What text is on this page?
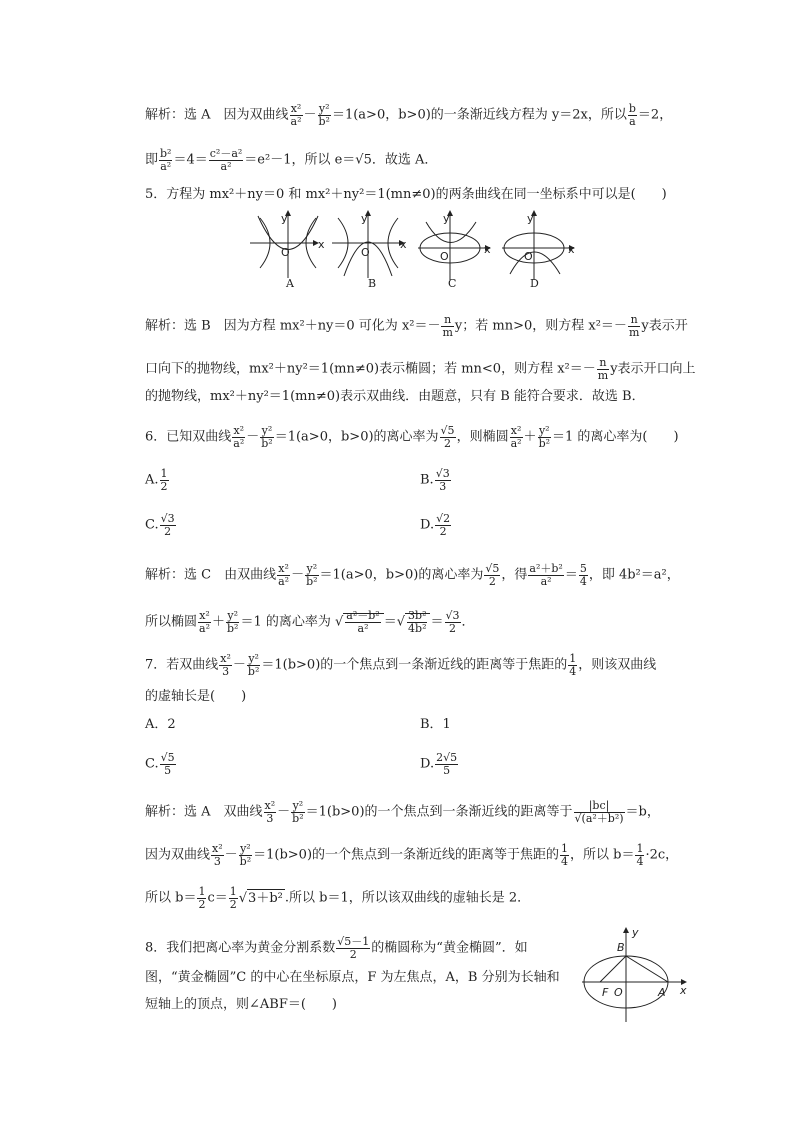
解析：选 A　因为双曲线 $\frac{\text{x²}}{\text{a²}} - \frac{\text{y²}}{\text{b²}} =1(a>0$，b>0)的一条渐近线方程为 y＝2x，所以 $\frac{b}{a} =2$，
即 $\frac{\text{b²}}{\text{a²}} =4= \frac{\text{c²－a²}}{\text{a²}} =e^2-1$，所以 e＝√5．故选 A．
5．方程为 mx²＋ny＝0 和 mx²＋ny²＝1(mn≠0)的两条曲线在同一坐标系中可以是(　　)
y
O
x
y
O
x
y
O
x
y
O
x
A	B	C	D
解析：选 B　因为方程 mx²＋ny＝0 可化为 $x^2=- \frac{n}{m}$ y；若 mn>0，则方程 $x^2=- \frac{n}{m}$ y表示开
口向下的抛物线，mx²＋ny²＝1(mn≠0)表示椭圆；若 mn<0，则方程 $x^2=- \frac{n}{m}$ y表示开口向上
的抛物线，mx²＋ny²＝1(mn≠0)表示双曲线．由题意，只有 B 能符合要求．故选 B．
6．已知双曲线 $\frac{\text{x²}}{\text{a²}} - \frac{\text{y²}}{\text{b²}} =1(a>0$，b>0)的离心率为 $\frac{√5}{2}$ ，则椭圆 $\frac{\text{x²}}{\text{a²}} + \frac{\text{y²}}{\text{b²}} =1$ 的离心率为(　　)
A. $\frac{1}{2}$	B. $\frac{√3}{3}$
C. $\frac{√3}{2}$	D. $\frac{√2}{2}$
解析：选 C　由双曲线 $\frac{\text{x²}}{\text{a²}} - \frac{\text{y²}}{\text{b²}} =1(a>0$，b>0)的离心率为 $\frac{√5}{2}$ ，得 $\frac{\text{a²＋b²}}{\text{a²}} = \frac{5}{4}$ ，即 4b²＝a²，
所以椭圆 $\frac{\text{x²}}{\text{a²}} + \frac{\text{y²}}{\text{b²}} =1$ 的离心率为 √ $\frac{\text{a²－b²}}{\text{a²}}$ ＝√ $\frac{\text{3b²}}{\text{4b²}} = \frac{√3}{2}$ ．
7．若双曲线 $\frac{\text{x²}}{3} - \frac{\text{y²}}{\text{b²}} =1(b>0)$的一个焦点到一条渐近线的距离等于焦距的 $\frac{1}{4}$ ，则该双曲线
的虚轴长是(　　)
A．2	B．1
C. $\frac{√5}{5}$	D. $\frac{2√5}{5}$
解析：选 A　双曲线 $\frac{\text{x²}}{3} - \frac{\text{y²}}{\text{b²}} =1(b>0)$的一个焦点到一条渐近线的距离等于 $\frac{|bc|}{\text{√(a²＋b²)}} =b$，
因为双曲线 $\frac{\text{x²}}{3} - \frac{\text{y²}}{\text{b²}} =1(b>0)$的一个焦点到一条渐近线的距离等于焦距的 $\frac{1}{4}$ ，所以 $b= \frac{1}{4} \cdot 2c$，
所以 $b= \frac{1}{2} c= \frac{1}{2} √3+b^2$ .所以 b＝1，所以该双曲线的虚轴长是 2．
8．我们把离心率为黄金分割系数 $\frac{√5-1}{2}$ 的椭圆称为“黄金椭圆”．如
图，“黄金椭圆”C 的中心在坐标原点，F 为左焦点，A，B 分别为长轴和
短轴上的顶点，则∠ABF＝(　　)
B
F O	A x
y
